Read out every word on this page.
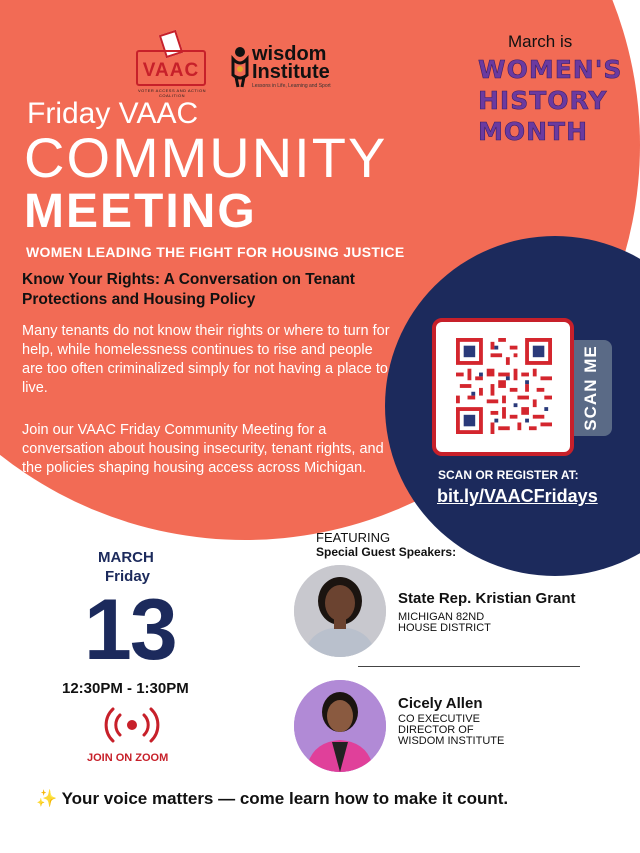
VAAC
VOTER ACCESS AND ACTION COALITION
wisdom
Institute
Lessons in Life, Learning and Sport
March is
WOMEN'S
HISTORY
MONTH
Friday VAAC
COMMUNITY
MEETING
WOMEN LEADING THE FIGHT FOR HOUSING JUSTICE
Know Your Rights: A Conversation on Tenant Protections and Housing Policy
Many tenants do not know their rights or where to turn for help, while homelessness continues to rise and people are too often criminalized simply for not having a place to live.
Join our VAAC Friday Community Meeting for a conversation about housing insecurity, tenant rights, and the policies shaping housing access across Michigan.
SCAN ME
SCAN OR REGISTER AT:
bit.ly/VAACFridays
MARCH
Friday
13
12:30PM - 1:30PM
JOIN ON ZOOM
FEATURING
Special Guest Speakers:
State Rep. Kristian Grant
MICHIGAN 82ND
HOUSE DISTRICT
Cicely Allen
CO EXECUTIVE
DIRECTOR OF
WISDOM INSTITUTE
✨ Your voice matters — come learn how to make it count.
